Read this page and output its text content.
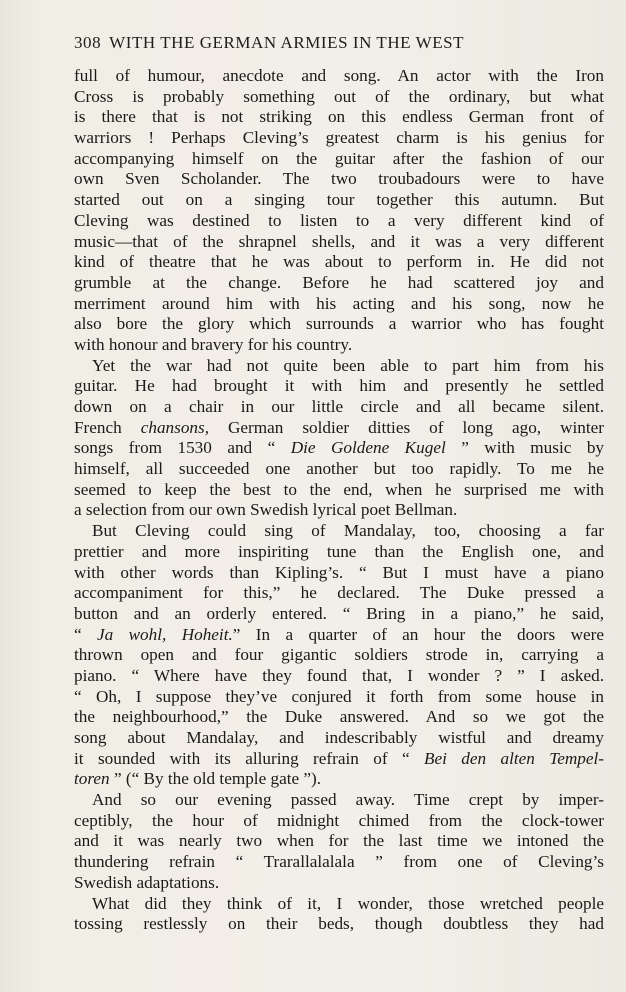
308 WITH THE GERMAN ARMIES IN THE WEST
full of humour, anecdote and song. An actor with the Iron
Cross is probably something out of the ordinary, but what
is there that is not striking on this endless German front of
warriors ! Perhaps Cleving’s greatest charm is his genius for
accompanying himself on the guitar after the fashion of our
own Sven Scholander. The two troubadours were to have
started out on a singing tour together this autumn. But
Cleving was destined to listen to a very different kind of
music—that of the shrapnel shells, and it was a very different
kind of theatre that he was about to perform in. He did not
grumble at the change. Before he had scattered joy and
merriment around him with his acting and his song, now he
also bore the glory which surrounds a warrior who has fought
with honour and bravery for his country.
Yet the war had not quite been able to part him from his
guitar. He had brought it with him and presently he settled
down on a chair in our little circle and all became silent.
French chansons, German soldier ditties of long ago, winter
songs from 1530 and “ Die Goldene Kugel ” with music by
himself, all succeeded one another but too rapidly. To me he
seemed to keep the best to the end, when he surprised me with
a selection from our own Swedish lyrical poet Bellman.
But Cleving could sing of Mandalay, too, choosing a far
prettier and more inspiriting tune than the English one, and
with other words than Kipling’s. “ But I must have a piano
accompaniment for this,” he declared. The Duke pressed a
button and an orderly entered. “ Bring in a piano,” he said,
“ Ja wohl, Hoheit.” In a quarter of an hour the doors were
thrown open and four gigantic soldiers strode in, carrying a
piano. “ Where have they found that, I wonder ? ” I asked.
“ Oh, I suppose they’ve conjured it forth from some house in
the neighbourhood,” the Duke answered. And so we got the
song about Mandalay, and indescribably wistful and dreamy
it sounded with its alluring refrain of “ Bei den alten Tempel-
toren ” (“ By the old temple gate ”).
And so our evening passed away. Time crept by imper-
ceptibly, the hour of midnight chimed from the clock-tower
and it was nearly two when for the last time we intoned the
thundering refrain “ Trarallalalala ” from one of Cleving’s
Swedish adaptations.
What did they think of it, I wonder, those wretched people
tossing restlessly on their beds, though doubtless they had
